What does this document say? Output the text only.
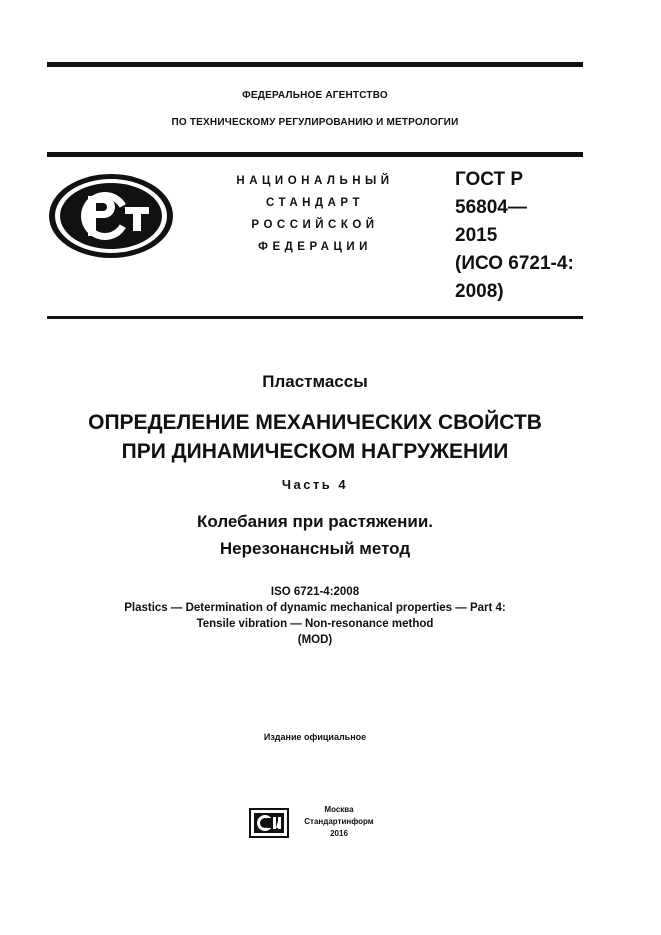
ФЕДЕРАЛЬНОЕ АГЕНТСТВО
ПО ТЕХНИЧЕСКОМУ РЕГУЛИРОВАНИЮ И МЕТРОЛОГИИ
НАЦИОНАЛЬНЫЙ
СТАНДАРТ
РОССИЙСКОЙ
ФЕДЕРАЦИИ
ГОСТ Р
56804—
2015
(ИСО 6721-4:
2008)
Пластмассы
ОПРЕДЕЛЕНИЕ МЕХАНИЧЕСКИХ СВОЙСТВ
ПРИ ДИНАМИЧЕСКОМ НАГРУЖЕНИИ
Часть 4
Колебания при растяжении.
Нерезонансный метод
ISO 6721-4:2008
Plastics — Determination of dynamic mechanical properties — Part 4:
Tensile vibration — Non-resonance method
(MOD)
Издание официальное
Москва
Стандартинформ
2016
